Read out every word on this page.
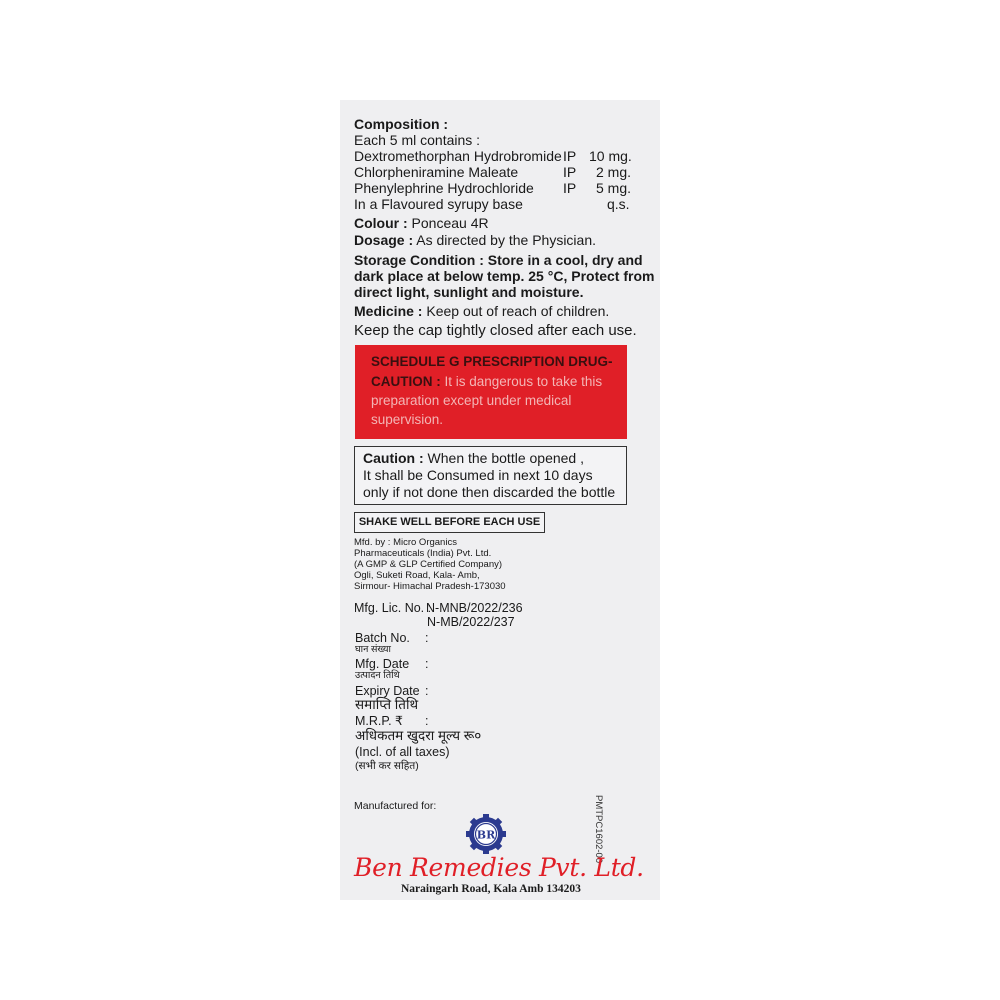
Composition :
Each 5 ml contains :
Dextromethorphan Hydrobromide IP 10 mg.
Chlorpheniramine Maleate	IP 2 mg.
Phenylephrine Hydrochloride IP 5 mg.
In a Flavoured syrupy base	q.s.
Colour : Ponceau 4R
Dosage : As directed by the Physician.
Storage Condition : Store in a cool, dry and
dark place at below temp. 25 °C, Protect from
direct light, sunlight and moisture.
Medicine : Keep out of reach of children.
Keep the cap tightly closed after each use.
SCHEDULE G PRESCRIPTION DRUG-
CAUTION : It is dangerous to take this
preparation except under medical
supervision.
Caution : When the bottle opened ,
It shall be Consumed in next 10 days
only if not done then discarded the bottle
SHAKE WELL BEFORE EACH USE
Mfd. by : Micro Organics
Pharmaceuticals (India) Pvt. Ltd.
(A GMP & GLP Certified Company)
Ogli, Suketi Road, Kala- Amb,
Sirmour- Himachal Pradesh-173030
Mfg. Lic. No. :
N-MNB/2022/236
N-MB/2022/237
Batch No. :
घान संख्या
Mfg. Date :
उत्पादन तिथि
Expiry Date :
समाप्ति तिथि
M.R.P. ₹ :
अधिकतम खुदरा मूल्य रू०
(Incl. of all taxes)
(सभी कर सहित)
PMTPC1602-00
Manufactured for:
BR
Ben Remedies Pvt. Ltd.
Naraingarh Road, Kala Amb 134203
